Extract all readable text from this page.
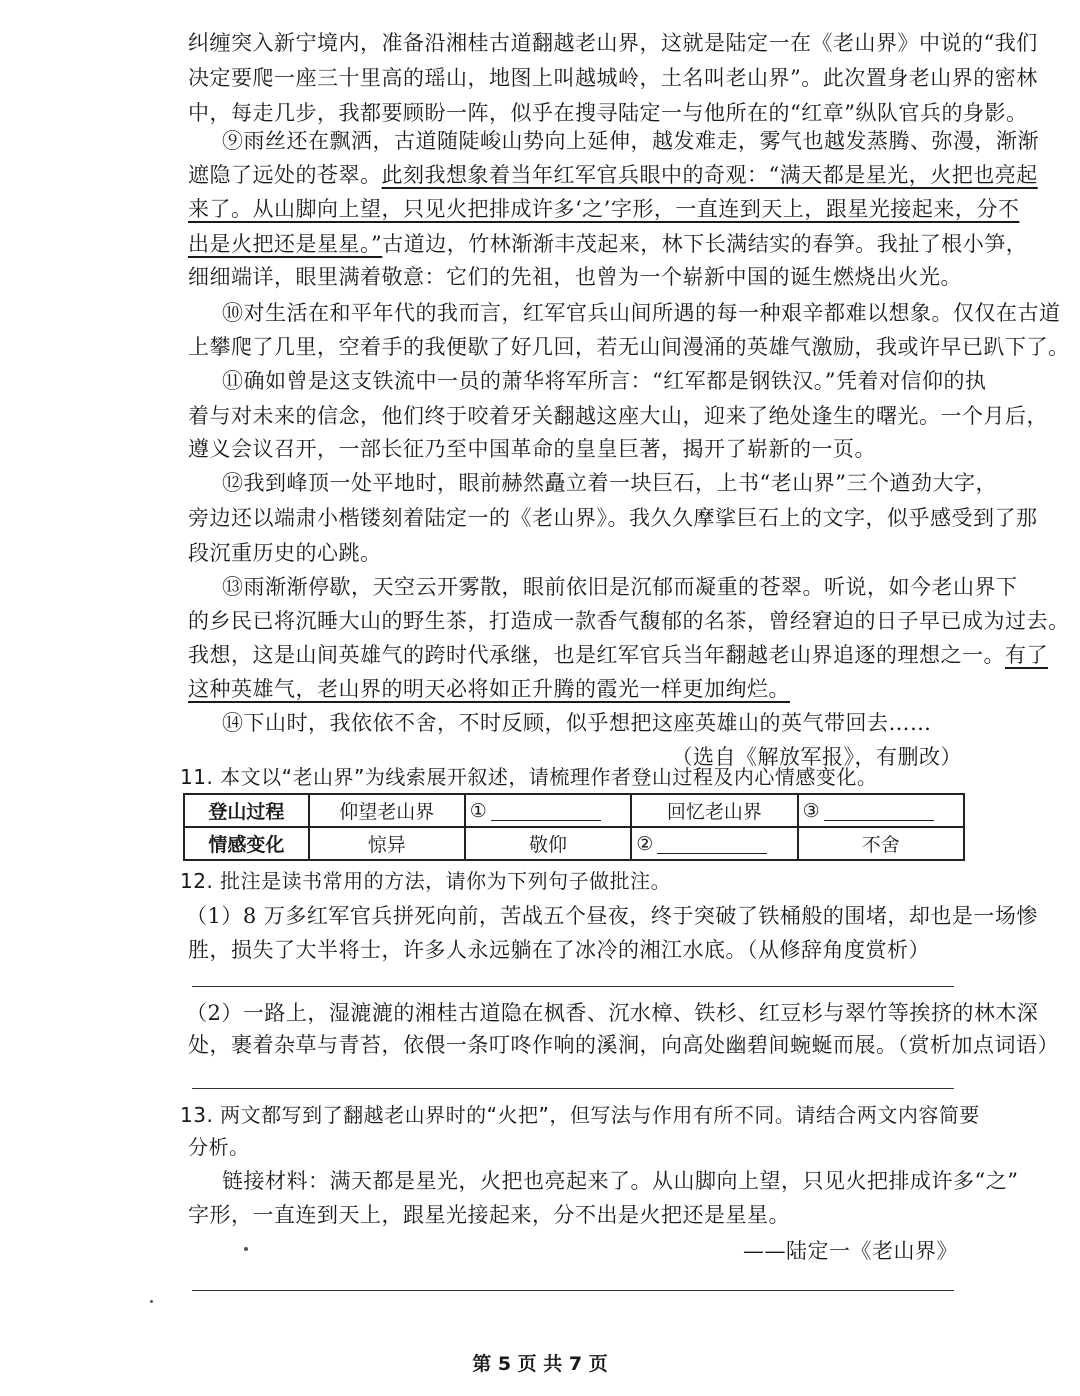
纠缠突入新宁境内，准备沿湘桂古道翻越老山界，这就是陆定一在《老山界》中说的“我们
决定要爬一座三十里高的瑶山，地图上叫越城岭，土名叫老山界”。此次置身老山界的密林
中，每走几步，我都要顾盼一阵，似乎在搜寻陆定一与他所在的“红章”纵队官兵的身影。
⑨雨丝还在飘洒，古道随陡峻山势向上延伸，越发难走，雾气也越发蒸腾、弥漫，渐渐
遮隐了远处的苍翠。此刻我想象着当年红军官兵眼中的奇观：“满天都是星光，火把也亮起
来了。从山脚向上望，只见火把排成许多‘之’字形，一直连到天上，跟星光接起来，分不
出是火把还是星星。”古道边，竹林渐渐丰茂起来，林下长满结实的春笋。我扯了根小笋，
细细端详，眼里满着敬意：它们的先祖，也曾为一个崭新中国的诞生燃烧出火光。
⑩对生活在和平年代的我而言，红军官兵山间所遇的每一种艰辛都难以想象。仅仅在古道
上攀爬了几里，空着手的我便歇了好几回，若无山间漫涌的英雄气激励，我或许早已趴下了。
⑪确如曾是这支铁流中一员的萧华将军所言：“红军都是钢铁汉。”凭着对信仰的执
着与对未来的信念，他们终于咬着牙关翻越这座大山，迎来了绝处逢生的曙光。一个月后，
遵义会议召开，一部长征乃至中国革命的皇皇巨著，揭开了崭新的一页。
⑫我到峰顶一处平地时，眼前赫然矗立着一块巨石，上书“老山界”三个遒劲大字，
旁边还以端肃小楷镂刻着陆定一的《老山界》。我久久摩挲巨石上的文字，似乎感受到了那
段沉重历史的心跳。
⑬雨渐渐停歇，天空云开雾散，眼前依旧是沉郁而凝重的苍翠。听说，如今老山界下
的乡民已将沉睡大山的野生茶，打造成一款香气馥郁的名茶，曾经窘迫的日子早已成为过去。
我想，这是山间英雄气的跨时代承继，也是红军官兵当年翻越老山界追逐的理想之一。有了
这种英雄气，老山界的明天必将如正升腾的霞光一样更加绚烂。
⑭下山时，我依依不舍，不时反顾，似乎想把这座英雄山的英气带回去……
（选自《解放军报》，有删改）
11. 本文以“老山界”为线索展开叙述，请梳理作者登山过程及内心情感变化。
登山过程	仰望老山界	①	回忆老山界	③
情感变化	惊异	敬仰	②	不舍
12. 批注是读书常用的方法，请你为下列句子做批注。
（1）8 万多红军官兵拼死向前，苦战五个昼夜，终于突破了铁桶般的围堵，却也是一场惨
胜，损失了大半将士，许多人永远躺在了冰冷的湘江水底。（从修辞角度赏析）
（2）一路上，湿漉漉的湘桂古道隐在枫香、沉水樟、铁杉、红豆杉与翠竹等挨挤的林木深
处，裹着杂草与青苔，依偎一条叮咚作响的溪涧，向高处幽碧间蜿蜒而展。（赏析加点词语）
13. 两文都写到了翻越老山界时的“火把”，但写法与作用有所不同。请结合两文内容简要
分析。
链接材料：满天都是星光，火把也亮起来了。从山脚向上望，只见火把排成许多“之”
字形，一直连到天上，跟星光接起来，分不出是火把还是星星。
——陆定一《老山界》
第 5 页 共 7 页
